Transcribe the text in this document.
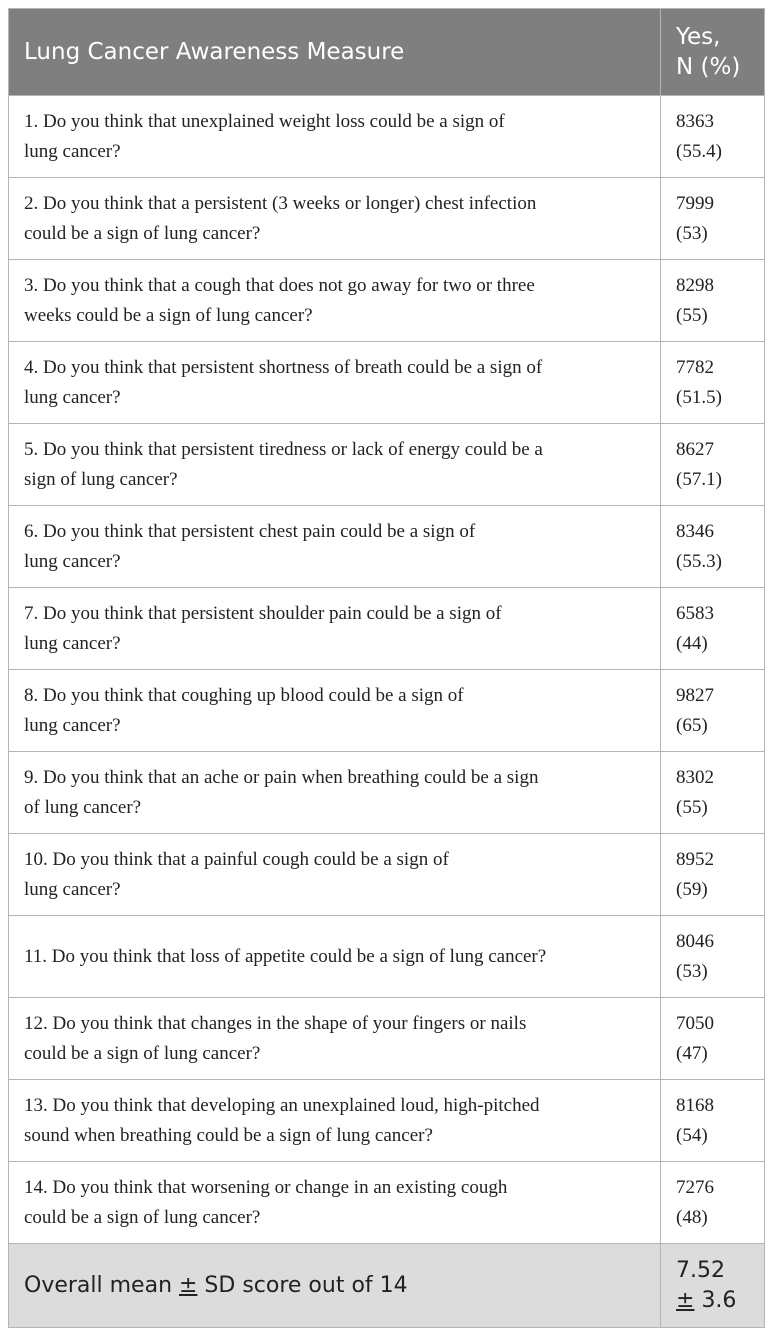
Lung Cancer Awareness Measure	Yes,
N (%)
1. Do you think that unexplained weight loss could be a sign of
lung cancer?	8363
(55.4)
2. Do you think that a persistent (3 weeks or longer) chest infection
could be a sign of lung cancer?	7999
(53)
3. Do you think that a cough that does not go away for two or three
weeks could be a sign of lung cancer?	8298
(55)
4. Do you think that persistent shortness of breath could be a sign of
lung cancer?	7782
(51.5)
5. Do you think that persistent tiredness or lack of energy could be a
sign of lung cancer?	8627
(57.1)
6. Do you think that persistent chest pain could be a sign of
lung cancer?	8346
(55.3)
7. Do you think that persistent shoulder pain could be a sign of
lung cancer?	6583
(44)
8. Do you think that coughing up blood could be a sign of
lung cancer?	9827
(65)
9. Do you think that an ache or pain when breathing could be a sign
of lung cancer?	8302
(55)
10. Do you think that a painful cough could be a sign of
lung cancer?	8952
(59)
11. Do you think that loss of appetite could be a sign of lung cancer?	8046
(53)
12. Do you think that changes in the shape of your fingers or nails
could be a sign of lung cancer?	7050
(47)
13. Do you think that developing an unexplained loud, high-pitched
sound when breathing could be a sign of lung cancer?	8168
(54)
14. Do you think that worsening or change in an existing cough
could be a sign of lung cancer?	7276
(48)
Overall mean ± SD score out of 14	7.52
± 3.6
